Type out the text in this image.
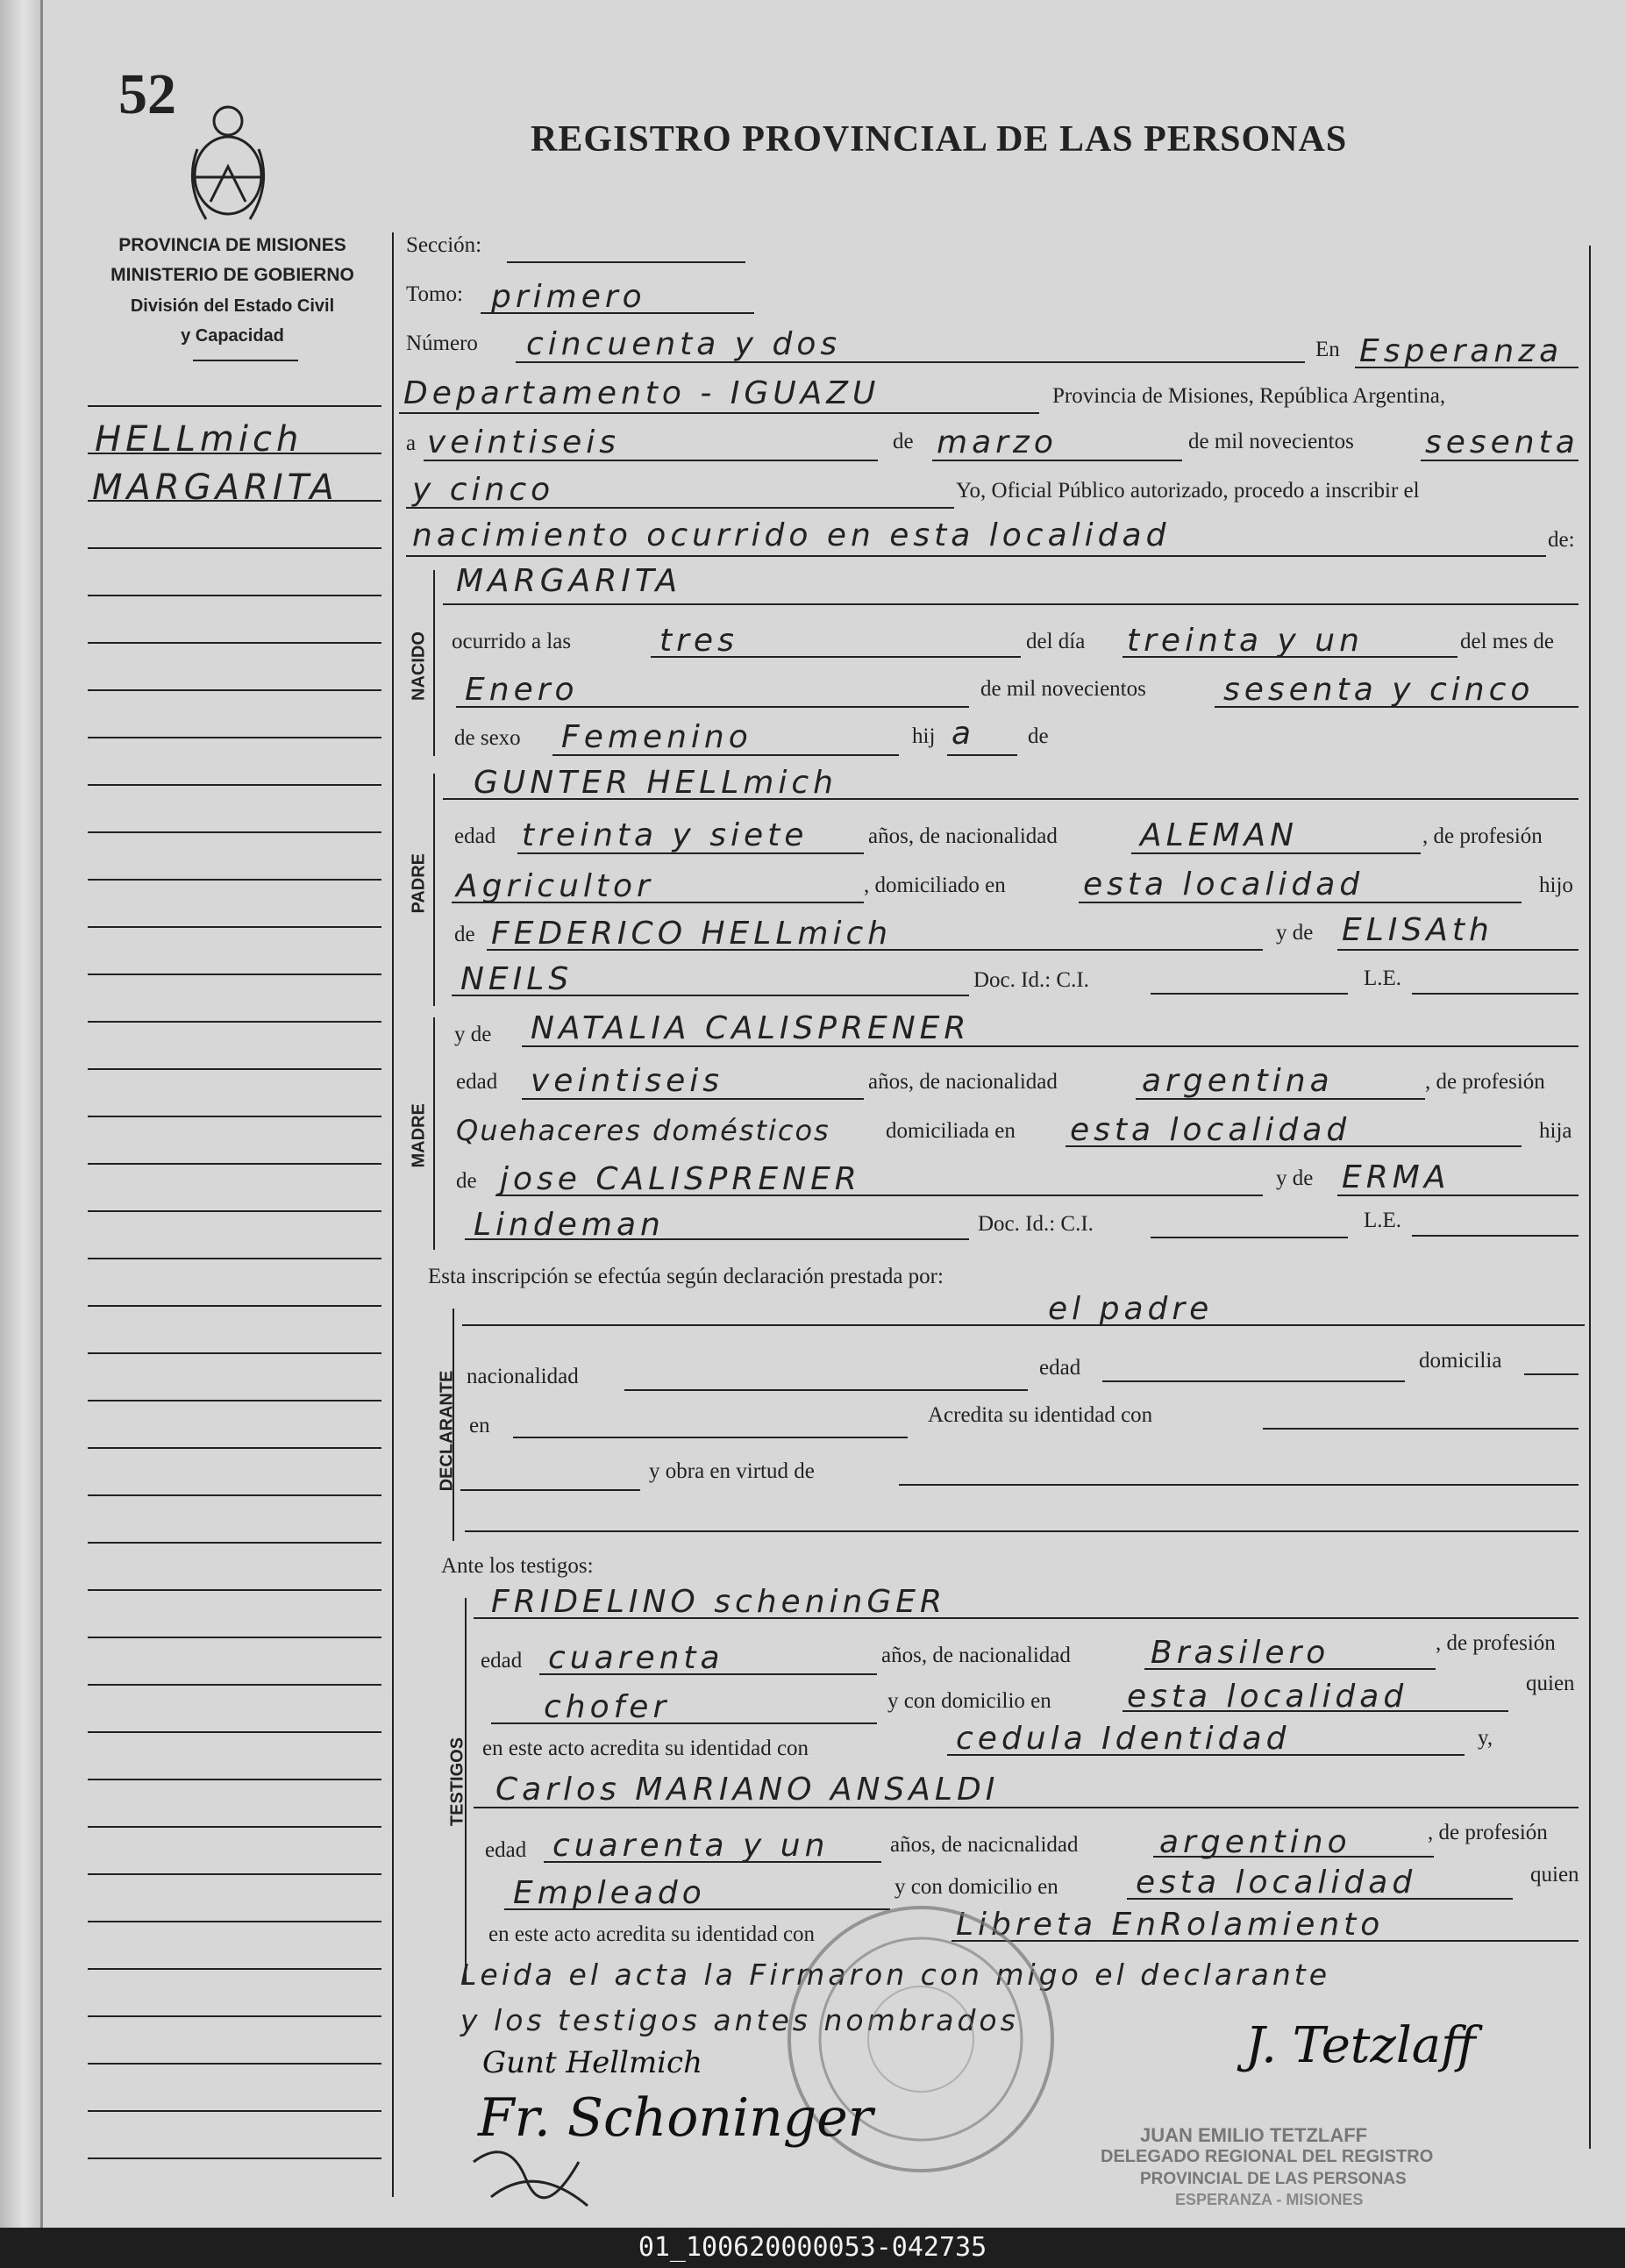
52
REGISTRO PROVINCIAL DE LAS PERSONAS
PROVINCIA DE MISIONES
MINISTERIO DE GOBIERNO
División del Estado Civil
y Capacidad
HELLmich
MARGARITA
Sección:
Tomo: primero
Número cincuenta y dos	En Esperanza
Departamento - IGUAZU	Provincia de Misiones, República Argentina,
a veintiseis	de marzo	de mil novecientos sesenta
y cinco	Yo, Oficial Público autorizado, procedo a inscribir el
nacimiento ocurrido en esta localidad	de:
NACIDO
MARGARITA
ocurrido a las	tres	del día treinta y un	del mes de
Enero	de mil novecientos sesenta y cinco
de sexo Femenino	hij a de
PADRE
GUNTER HELLmich
edad treinta y siete	años, de nacionalidad	ALEMAN	, de profesión
Agricultor	, domiciliado en esta localidad	hijo
de FEDERICO HELLmich	y de ELISAth
NEILS	Doc. Id.: C.I.	L.E.
MADRE
y de NATALIA CALISPRENER
edad veintiseis	años, de nacionalidad	argentina	, de profesión
Quehaceres domésticos	domiciliada en esta localidad	hija
de jose CALISPRENER	y de ERMA
Lindeman	Doc. Id.: C.I.	L.E.
Esta inscripción se efectúa según declaración prestada por:
DECLARANTE
el padre
nacionalidad	edad	domicilia
en	Acredita su identidad con
y obra en virtud de
Ante los testigos:
TESTIGOS
FRIDELINO scheninGER
edad cuarenta	años, de nacionalidad	Brasilero	, de profesión
chofer	y con domicilio en esta localidad	quien
en este acto acredita su identidad con	cedula Identidad	y,
Carlos MARIANO ANSALDI
edad cuarenta y un	años, de nacicnalidad	argentino	, de profesión
Empleado	y con domicilio en esta localidad	quien
en este acto acredita su identidad con	Libreta EnRolamiento
Leida el acta la Firmaron con migo el declarante
y los testigos antes nombrados
Gunt Hellmich
Fr. Schoninger
J. Tetzlaff
JUAN EMILIO TETZLAFF
DELEGADO REGIONAL DEL REGISTRO
PROVINCIAL DE LAS PERSONAS
ESPERANZA - MISIONES
01_100620000053-042735
